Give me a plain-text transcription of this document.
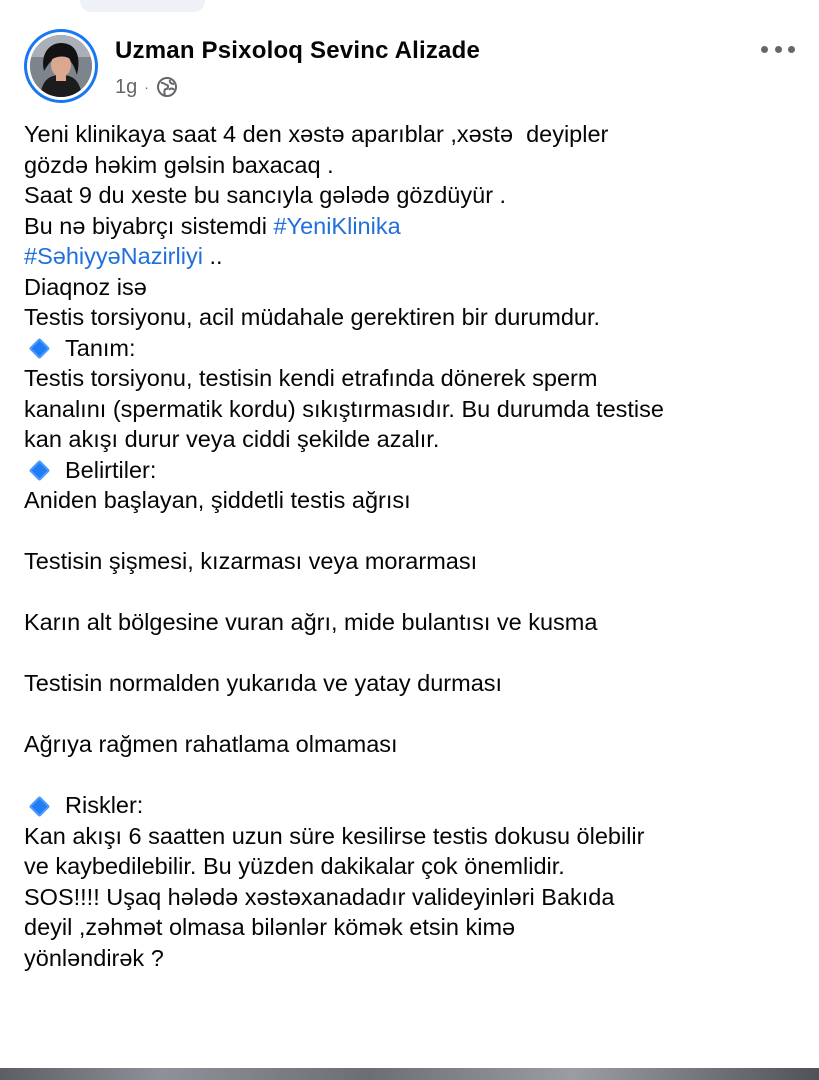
Uzman Psixoloq Sevinc Alizade
1g ·
Yeni klinikaya saat 4 den xəstə aparıblar ,xəstə  deyipler
gözdə həkim gəlsin baxacaq .
Saat 9 du xeste bu sancıyla gələdə gözdüyür .
Bu nə biyabrçı sistemdi #YeniKlinika
#SəhiyyəNazirliyi ..
Diaqnoz isə
Testis torsiyonu, acil müdahale gerektiren bir durumdur.
Tanım:
Testis torsiyonu, testisin kendi etrafında dönerek sperm
kanalını (spermatik kordu) sıkıştırmasıdır. Bu durumda testise
kan akışı durur veya ciddi şekilde azalır.
Belirtiler:
Aniden başlayan, şiddetli testis ağrısı
Testisin şişmesi, kızarması veya morarması
Karın alt bölgesine vuran ağrı, mide bulantısı ve kusma
Testisin normalden yukarıda ve yatay durması
Ağrıya rağmen rahatlama olmaması
Riskler:
Kan akışı 6 saatten uzun süre kesilirse testis dokusu ölebilir
ve kaybedilebilir. Bu yüzden dakikalar çok önemlidir.
SOS!!!! Uşaq hələdə xəstəxanadadır valideyinləri Bakıda
deyil ,zəhmət olmasa bilənlər kömək etsin kimə
yönləndirək ?
